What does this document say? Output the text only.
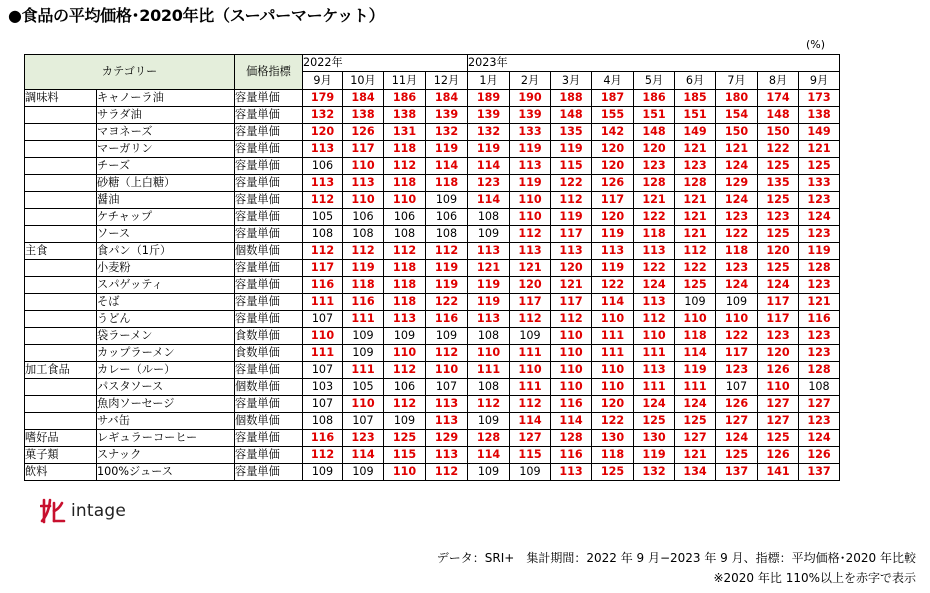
●食品の平均価格･2020年比（スーパーマーケット）
(%)
カテゴリー		価格指標	2022年				2023年								
			9月	10月	11月	12月	1月	2月	3月	4月	5月	6月	7月	8月	9月
調味料	キャノーラ油	容量単価	179	184	186	184	189	190	188	187	186	185	180	174	173
	サラダ油	容量単価	132	138	138	139	139	139	148	155	151	151	154	148	138
	マヨネーズ	容量単価	120	126	131	132	132	133	135	142	148	149	150	150	149
	マーガリン	容量単価	113	117	118	119	119	119	119	120	120	121	121	122	121
	チーズ	容量単価	106	110	112	114	114	113	115	120	123	123	124	125	125
	砂糖（上白糖）	容量単価	113	113	118	118	123	119	122	126	128	128	129	135	133
	醤油	容量単価	112	110	110	109	114	110	112	117	121	121	124	125	123
	ケチャップ	容量単価	105	106	106	106	108	110	119	120	122	121	123	123	124
	ソース	容量単価	108	108	108	108	109	112	117	119	118	121	122	125	123
主食	食パン（1斤）	個数単価	112	112	112	112	113	113	113	113	113	112	118	120	119
	小麦粉	容量単価	117	119	118	119	121	121	120	119	122	122	123	125	128
	スパゲッティ	容量単価	116	118	118	119	119	120	121	122	124	125	124	124	123
	そば	容量単価	111	116	118	122	119	117	117	114	113	109	109	117	121
	うどん	容量単価	107	111	113	116	113	112	112	110	112	110	110	117	116
	袋ラーメン	食数単価	110	109	109	109	108	109	110	111	110	118	122	123	123
	カップラーメン	食数単価	111	109	110	112	110	111	110	111	111	114	117	120	123
加工食品	カレー（ルー）	容量単価	107	111	112	110	111	110	110	110	113	119	123	126	128
	パスタソース	個数単価	103	105	106	107	108	111	110	110	111	111	107	110	108
	魚肉ソーセージ	容量単価	107	110	112	113	112	112	116	120	124	124	126	127	127
	サバ缶	個数単価	108	107	109	113	109	114	114	122	125	125	127	127	123
嗜好品	レギュラーコーヒー	容量単価	116	123	125	129	128	127	128	130	130	127	124	125	124
菓子類	スナック	容量単価	112	114	115	113	114	115	116	118	119	121	125	126	126
飲料	100%ジュース	容量単価	109	109	110	112	109	109	113	125	132	134	137	141	137
intage
データ：SRI+　集計期間：2022 年 9 月−2023 年 9 月、指標：平均価格･2020 年比較
※2020 年比 110%以上を赤字で表示
